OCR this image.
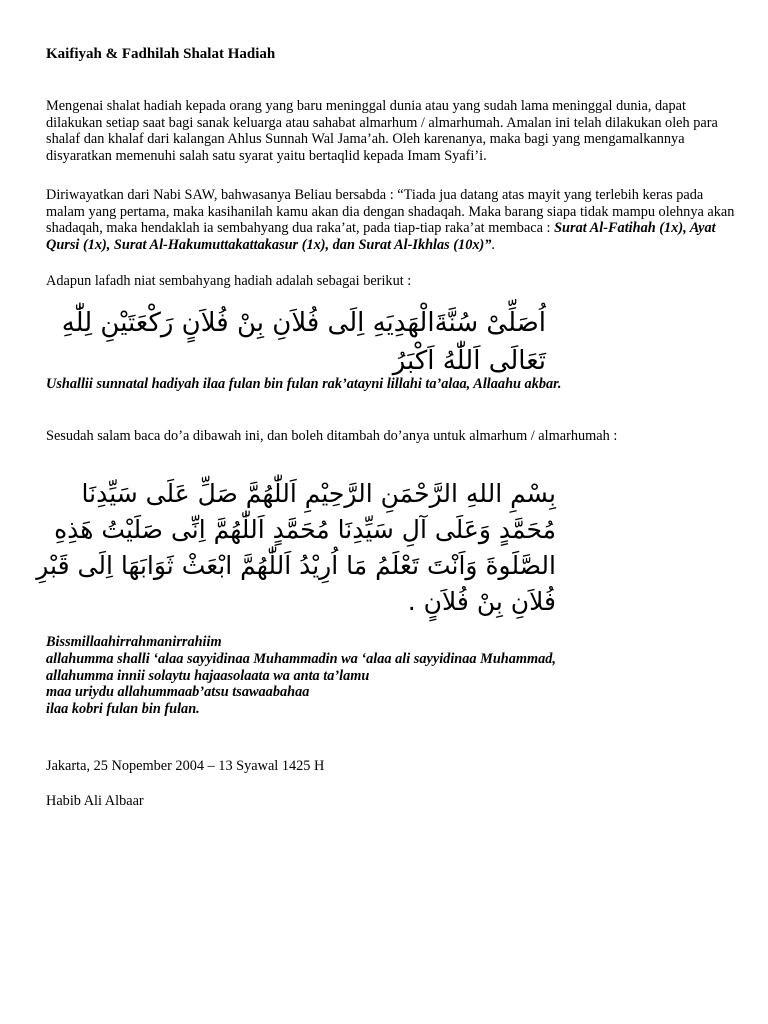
Kaifiyah & Fadhilah Shalat Hadiah

Mengenai shalat hadiah kepada orang yang baru meninggal dunia atau yang sudah lama meninggal dunia, dapat dilakukan setiap saat bagi sanak keluarga atau sahabat almarhum / almarhumah. Amalan ini telah dilakukan oleh para shalaf dan khalaf dari kalangan Ahlus Sunnah Wal Jama’ah. Oleh karenanya, maka bagi yang mengamalkannya disyaratkan memenuhi salah satu syarat yaitu bertaqlid kepada Imam Syafi’i.

Diriwayatkan dari Nabi SAW, bahwasanya Beliau bersabda : “Tiada jua datang atas mayit yang terlebih keras pada malam yang pertama, maka kasihanilah kamu akan dia dengan shadaqah. Maka barang siapa tidak mampu olehnya akan shadaqah, maka hendaklah ia sembahyang dua raka’at, pada tiap-tiap raka’at membaca : Surat Al-Fatihah (1x), Ayat Qursi (1x), Surat Al-Hakumuttakattakasur (1x), dan Surat Al-Ikhlas (10x)”.

Adapun lafadh niat sembahyang hadiah adalah sebagai berikut :

اُصَلِّىْ سُنَّةَالْهَدِيَهِ اِلَى فُلاَنِ بِنْ فُلاَنٍ رَكْعَتَيْنِ لِلّٰهِ تَعَالَى اَللّٰهُ اَكْبَرُ

Ushallii sunnatal hadiyah ilaa fulan bin fulan rak’atayni lillahi ta’alaa, Allaahu akbar.

Sesudah salam baca do’a dibawah ini, dan boleh ditambah do’anya untuk almarhum / almarhumah :

بِسْمِ اللهِ الرَّحْمَنِ الرَّحِيْمِ اَللّٰهُمَّ صَلِّ عَلَى سَيِّدِنَا مُحَمَّدٍ وَعَلَى آلِ سَيِّدِنَا مُحَمَّدٍ اَللّٰهُمَّ اِنِّى صَلَيْتُ هَذِهِ الصَّلَوةَ وَاَنْتَ تَعْلَمُ مَا اُرِيْدُ اَللّٰهُمَّ ابْعَثْ ثَوَابَهَا اِلَى قَبْرِ فُلاَنِ بِنْ فُلاَنٍ .
Bissmillaahirrahmanirrahiim
allahumma shalli ‘alaa sayyidinaa Muhammadin wa ‘alaa ali sayyidinaa Muhammad,
allahumma innii solaytu hajaasolaata wa anta ta’lamu
maa uriydu allahummaab’atsu tsawaabahaa
ilaa kobri fulan bin fulan.

Jakarta, 25 Nopember 2004 – 13 Syawal 1425 H

Habib Ali Albaar
